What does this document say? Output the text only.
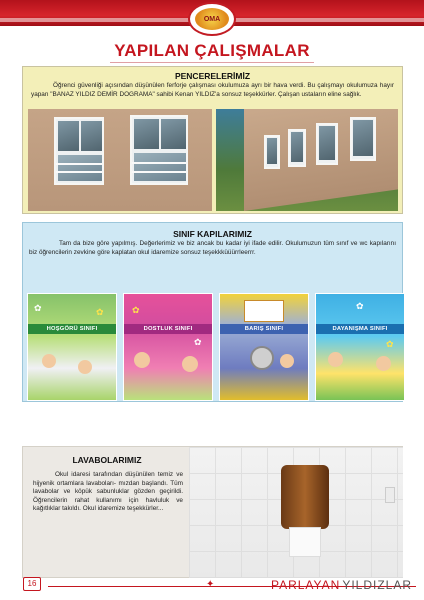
OMA
YAPILAN ÇALIŞMALAR
PENCERELERİMİZ
Öğrenci güvenliği açısından düşünülen ferforje çalışması okulumuza ayrı bir hava verdi. Bu çalışmayı okulumuza hayır yapan "BANAZ YILDIZ DEMİR DOGRAMA" sahibi Kenan YILDIZ'a sonsuz teşekkürler. Çalışan ustaların eline sağlık.
SINIF KAPILARIMIZ
Tam da bize göre yapılmış. Değerlerimiz ve biz ancak bu kadar iyi ifade edilir. Okulumuzun tüm sınıf ve wc kapılarını biz öğrencilerin zevkine göre kaplatan okul idaremize sonsuz teşekkküüürrleerrr.
HOŞGÖRÜ SINIFI
✿	✿
DOSTLUK SINIFI
✿
✿
BARIŞ SINIFI	DAYANIŞMA SINIFI
✿
✿
LAVABOLARIMIZ
Okul idaresi tarafından düşünülen temiz ve hijyenik ortamlara lavaboları- mızdan başlandı. Tüm lavabolar ve köpük sabunluklar gözden geçirildi. Öğrencilerin rahat kullanımı için havluluk ve kağıtlıklar takıldı. Okul idaremize teşekkürler...
16	✦	PARLAYAN YILDIZLAR
